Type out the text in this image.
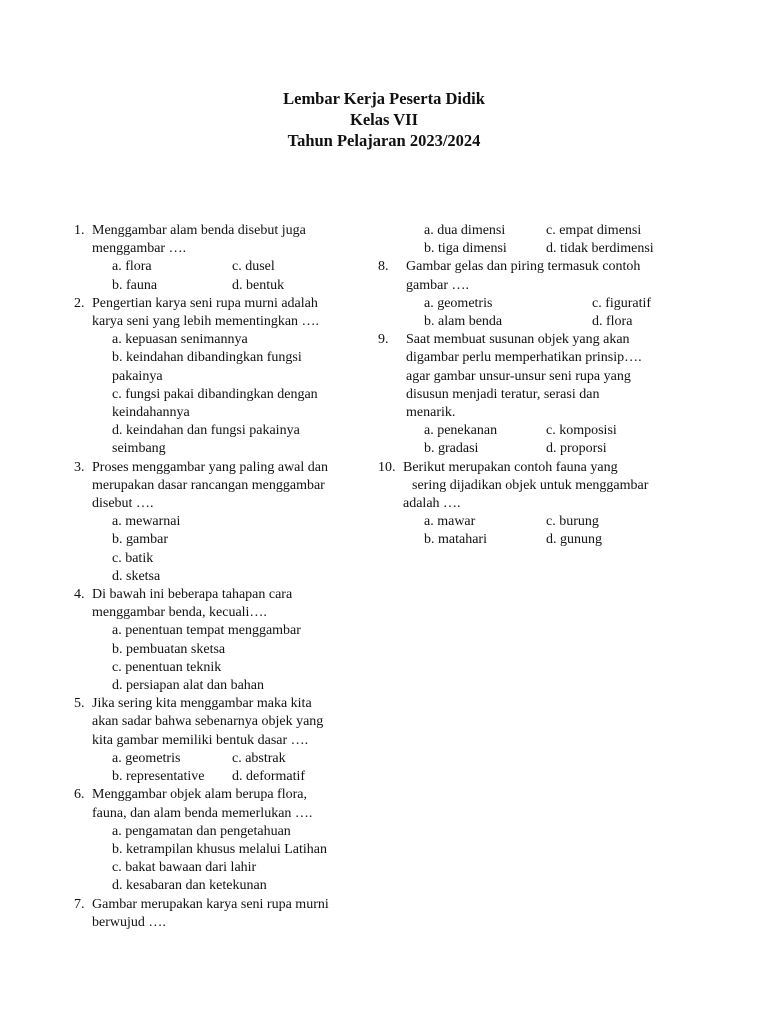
Lembar Kerja Peserta Didik
Kelas VII
Tahun Pelajaran 2023/2024
1. Menggambar alam benda disebut juga
menggambar ….
a. flora	c. dusel
b. fauna	d. bentuk
2. Pengertian karya seni rupa murni adalah
karya seni yang lebih mementingkan ….
a. kepuasan senimannya
b. keindahan dibandingkan fungsi
pakainya
c. fungsi pakai dibandingkan dengan
keindahannya
d. keindahan dan fungsi pakainya
seimbang
3. Proses menggambar yang paling awal dan
merupakan dasar rancangan menggambar
disebut ….
a. mewarnai
b. gambar
c. batik
d. sketsa
4. Di bawah ini beberapa tahapan cara
menggambar benda, kecuali….
a. penentuan tempat menggambar
b. pembuatan sketsa
c. penentuan teknik
d. persiapan alat dan bahan
5. Jika sering kita menggambar maka kita
akan sadar bahwa sebenarnya objek yang
kita gambar memiliki bentuk dasar ….
a. geometris	c. abstrak
b. representative	d. deformatif
6. Menggambar objek alam berupa flora,
fauna, dan alam benda memerlukan ….
a. pengamatan dan pengetahuan
b. ketrampilan khusus melalui Latihan
c. bakat bawaan dari lahir
d. kesabaran dan ketekunan
7. Gambar merupakan karya seni rupa murni
berwujud ….
a. dua dimensi	c. empat dimensi
b. tiga dimensi	d. tidak berdimensi
8.	Gambar gelas dan piring termasuk contoh
gambar ….
a. geometris	c. figuratif
b. alam benda	d. flora
9.	Saat membuat susunan objek yang akan
digambar perlu memperhatikan prinsip….
agar gambar unsur-unsur seni rupa yang
disusun menjadi teratur, serasi dan
menarik.
a. penekanan	c. komposisi
b. gradasi	d. proporsi
10. Berikut merupakan contoh fauna yang
sering dijadikan objek untuk menggambar
adalah ….
a. mawar	c. burung
b. matahari	d. gunung
